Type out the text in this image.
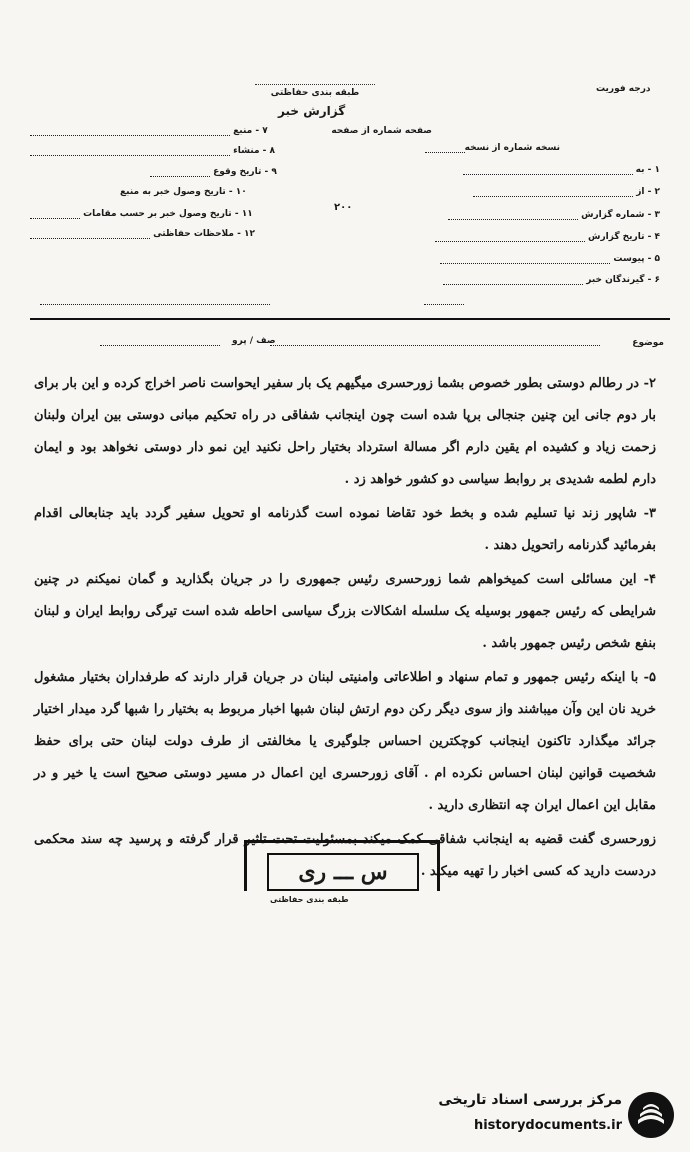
طبقه بندی حفاظتی	درجه فوریت
گزارش خبر
صفحه شماره از صفحه
نسخه شماره از نسخه
۱ - به
۲ - از
۳ - شماره گزارش
۴ - تاریخ گزارش
۵ - پیوست
۶ - گیرندگان خبر
۷ - منبع
۸ - منشاء
۹ - تاریخ وقوع
۱۰ - تاریخ وصول خبر به منبع
۱۱ - تاریخ وصول خبر بر حسب مقامات
۱۲ - ملاحظات حفاظتی
۲۰۰
موضوع
صف / پرو

۲- در رطالم دوستی بطور خصوص بشما زورحسری میگیهم یک بار سفیر ایحواست ناصر اخراج کرده و این بار برای بار دوم جانی این چنین جنجالی برپا شده است چون اینجانب شفاقی در راه تحکیم مبانی دوستی بین ایران ولبنان زحمت زیاد و کشیده ام یقین دارم اگر مسالة استرداد بختیار راحل نکنید این نمو دار دوستی نخواهد بود و ایمان دارم لطمه شدیدی بر روابط سیاسی دو کشور خواهد زد .

۳- شاپور زند نیا تسلیم شده و بخط خود تقاضا نموده است گذرنامه او تحویل سفیر گردد باید جنابعالی اقدام بفرمائید گذرنامه راتحویل دهند .

۴- این مسائلی است کمیخواهم شما زورحسری رئیس جمهوری را در جریان بگذارید و گمان نمیکنم در چنین شرایطی که رئیس جمهور بوسیله یک سلسله اشکالات بزرگ سیاسی احاطه شده است تیرگی روابط ایران و لبنان بنفع شخص رئیس جمهور باشد .

۵- با اینکه رئیس جمهور و تمام سنهاد و اطلاعاتی وامنیتی لبنان در جریان قرار دارند که طرفداران بختیار مشغول خرید نان این وآن میباشند واز سوی دیگر رکن دوم ارتش لبنان شبها اخبار مربوط به بختیار را شبها گرد میدار اختیار جرائد میگذارد تاکنون اینجانب کوچکترین احساس جلوگیری یا مخالفتی از طرف دولت لبنان حتی برای حفظ شخصیت قوانین لبنان احساس نکرده ام . آقای زورحسری این اعمال در مسیر دوستی صحیح است یا خیر و در مقابل این اعمال ایران چه انتظاری دارید .

زورحسری گفت قضیه به اینجانب شفاقی کمک میکند بمسئولیت تحت تاثیر قرار گرفته و پرسید چه سند محکمی دردست دارید که کسی اخبار را تهیه میکند .

س ـــ ری
طبقه بندی حفاظتی
مرکز بررسی اسناد تاریخی
historydocuments.ir
